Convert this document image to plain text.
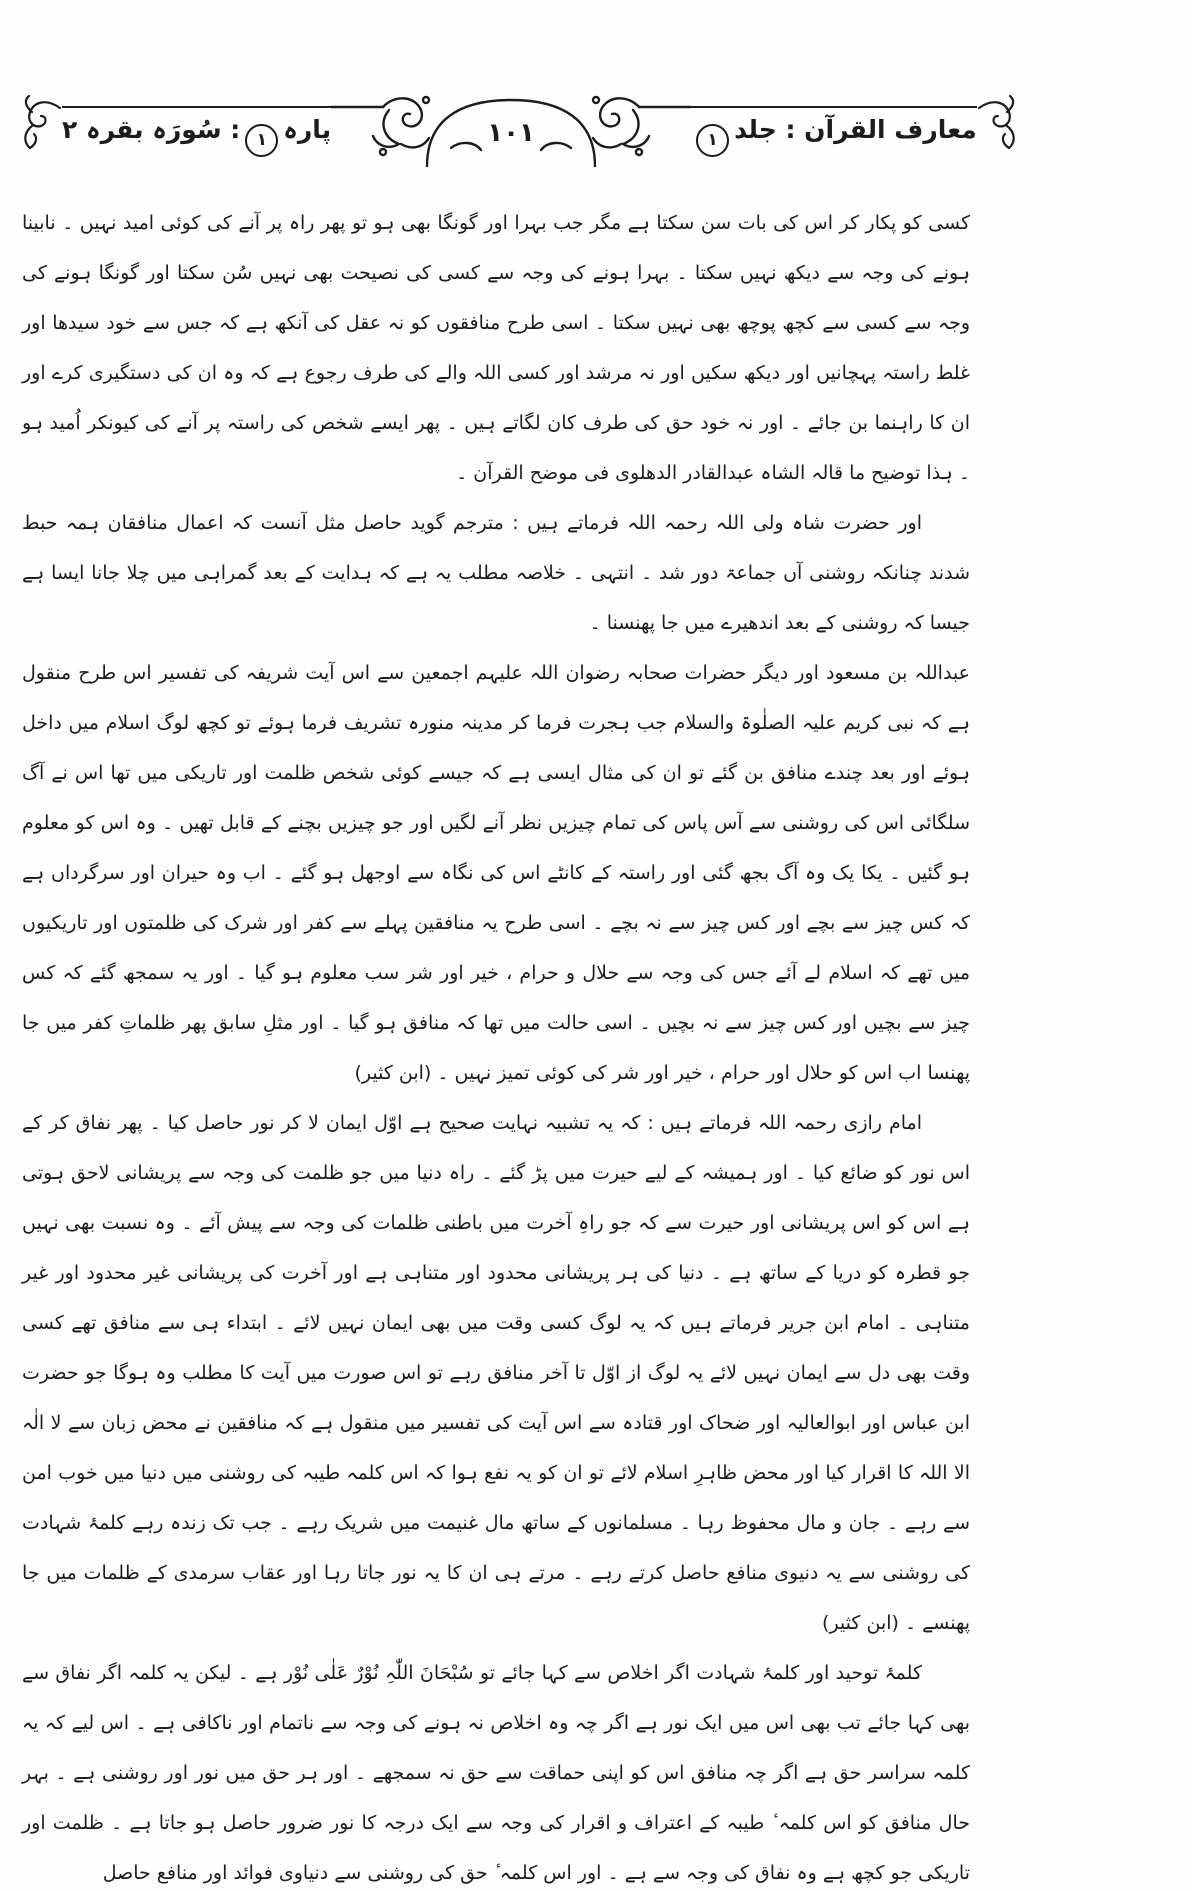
پارہ۱: سُورَہ بقرہ ۲	۱۰۱	معارف القرآن : جلد۱

کسی کو پکار کر اس کی بات سن سکتا ہے مگر جب بہرا اور گونگا بھی ہو تو پھر راہ پر آنے کی کوئی امید نہیں ۔ نابینا ہونے کی وجہ سے دیکھ نہیں سکتا ۔ بہرا ہونے کی وجہ سے کسی کی نصیحت بھی نہیں سُن سکتا اور گونگا ہونے کی وجہ سے کسی سے کچھ پوچھ بھی نہیں سکتا ۔ اسی طرح منافقوں کو نہ عقل کی آنکھ ہے کہ جس سے خود سیدھا اور غلط راستہ پہچانیں اور دیکھ سکیں اور نہ مرشد اور کسی اللہ والے کی طرف رجوع ہے کہ وہ ان کی دستگیری کرے اور ان کا راہنما بن جائے ۔ اور نہ خود حق کی طرف کان لگاتے ہیں ۔ پھر ایسے شخص کی راستہ پر آنے کی کیونکر اُمید ہو ۔ ہذا توضیح ما قالہ الشاہ عبدالقادر الدھلوی فی موضح القرآن ۔

اور حضرت شاہ ولی اللہ رحمہ اللہ فرماتے ہیں : مترجم گوید حاصل مثل آنست کہ اعمال منافقان ہمہ حبط شدند چنانکہ روشنی آں جماعۃ دور شد ۔ انتہی ۔ خلاصہ مطلب یہ ہے کہ ہدایت کے بعد گمراہی میں چلا جانا ایسا ہے جیسا کہ روشنی کے بعد اندھیرے میں جا پھنسنا ۔

عبداللہ بن مسعود اور دیگر حضرات صحابہ رضوان اللہ علیہم اجمعین سے اس آیت شریفہ کی تفسیر اس طرح منقول ہے کہ نبی کریم علیہ الصلٰوۃ والسلام جب ہجرت فرما کر مدینہ منورہ تشریف فرما ہوئے تو کچھ لوگ اسلام میں داخل ہوئے اور بعد چندے منافق بن گئے تو ان کی مثال ایسی ہے کہ جیسے کوئی شخص ظلمت اور تاریکی میں تھا اس نے آگ سلگائی اس کی روشنی سے آس پاس کی تمام چیزیں نظر آنے لگیں اور جو چیزیں بچنے کے قابل تھیں ۔ وہ اس کو معلوم ہو گئیں ۔ یکا یک وہ آگ بجھ گئی اور راستہ کے کانٹے اس کی نگاہ سے اوجھل ہو گئے ۔ اب وہ حیران اور سرگرداں ہے کہ کس چیز سے بچے اور کس چیز سے نہ بچے ۔ اسی طرح یہ منافقین پہلے سے کفر اور شرک کی ظلمتوں اور تاریکیوں میں تھے کہ اسلام لے آئے جس کی وجہ سے حلال و حرام ، خیر اور شر سب معلوم ہو گیا ۔ اور یہ سمجھ گئے کہ کس چیز سے بچیں اور کس چیز سے نہ بچیں ۔ اسی حالت میں تھا کہ منافق ہو گیا ۔ اور مثلِ سابق پھر ظلماتِ کفر میں جا پھنسا اب اس کو حلال اور حرام ، خیر اور شر کی کوئی تمیز نہیں ۔ (ابن کثیر)

امام رازی رحمہ اللہ فرماتے ہیں : کہ یہ تشبیہ نہایت صحیح ہے اوّل ایمان لا کر نور حاصل کیا ۔ پھر نفاق کر کے اس نور کو ضائع کیا ۔ اور ہمیشہ کے لیے حیرت میں پڑ گئے ۔ راہ دنیا میں جو ظلمت کی وجہ سے پریشانی لاحق ہوتی ہے اس کو اس پریشانی اور حیرت سے کہ جو راہِ آخرت میں باطنی ظلمات کی وجہ سے پیش آئے ۔ وہ نسبت بھی نہیں جو قطرہ کو دریا کے ساتھ ہے ۔ دنیا کی ہر پریشانی محدود اور متناہی ہے اور آخرت کی پریشانی غیر محدود اور غیر متناہی ۔ امام ابن جریر فرماتے ہیں کہ یہ لوگ کسی وقت میں بھی ایمان نہیں لائے ۔ ابتداء ہی سے منافق تھے کسی وقت بھی دل سے ایمان نہیں لائے یہ لوگ از اوّل تا آخر منافق رہے تو اس صورت میں آیت کا مطلب وہ ہوگا جو حضرت ابن عباس اور ابوالعالیہ اور ضحاک اور قتادہ سے اس آیت کی تفسیر میں منقول ہے کہ منافقین نے محض زبان سے لا الٰہ الا اللہ کا اقرار کیا اور محض ظاہرِ اسلام لائے تو ان کو یہ نفع ہوا کہ اس کلمہ طیبہ کی روشنی میں دنیا میں خوب امن سے رہے ۔ جان و مال محفوظ رہا ۔ مسلمانوں کے ساتھ مال غنیمت میں شریک رہے ۔ جب تک زندہ رہے کلمۂ شہادت کی روشنی سے یہ دنیوی منافع حاصل کرتے رہے ۔ مرتے ہی ان کا یہ نور جاتا رہا اور عقاب سرمدی کے ظلمات میں جا پھنسے ۔ (ابن کثیر)

کلمۂ توحید اور کلمۂ شہادت اگر اخلاص سے کہا جائے تو سُبْحَانَ اللّٰہِ نُوْرٌ عَلٰی نُوْر ہے ۔ لیکن یہ کلمہ اگر نفاق سے بھی کہا جائے تب بھی اس میں ایک نور ہے اگر چہ وہ اخلاص نہ ہونے کی وجہ سے ناتمام اور ناکافی ہے ۔ اس لیے کہ یہ کلمہ سراسر حق ہے اگر چہ منافق اس کو اپنی حماقت سے حق نہ سمجھے ۔ اور ہر حق میں نور اور روشنی ہے ۔ بہر حال منافق کو اس کلمہ ٔ طیبہ کے اعتراف و اقرار کی وجہ سے ایک درجہ کا نور ضرور حاصل ہو جاتا ہے ۔ ظلمت اور تاریکی جو کچھ ہے وہ نفاق کی وجہ سے ہے ۔ اور اس کلمہ ٔ حق کی روشنی سے دنیاوی فوائد اور منافع حاصل
